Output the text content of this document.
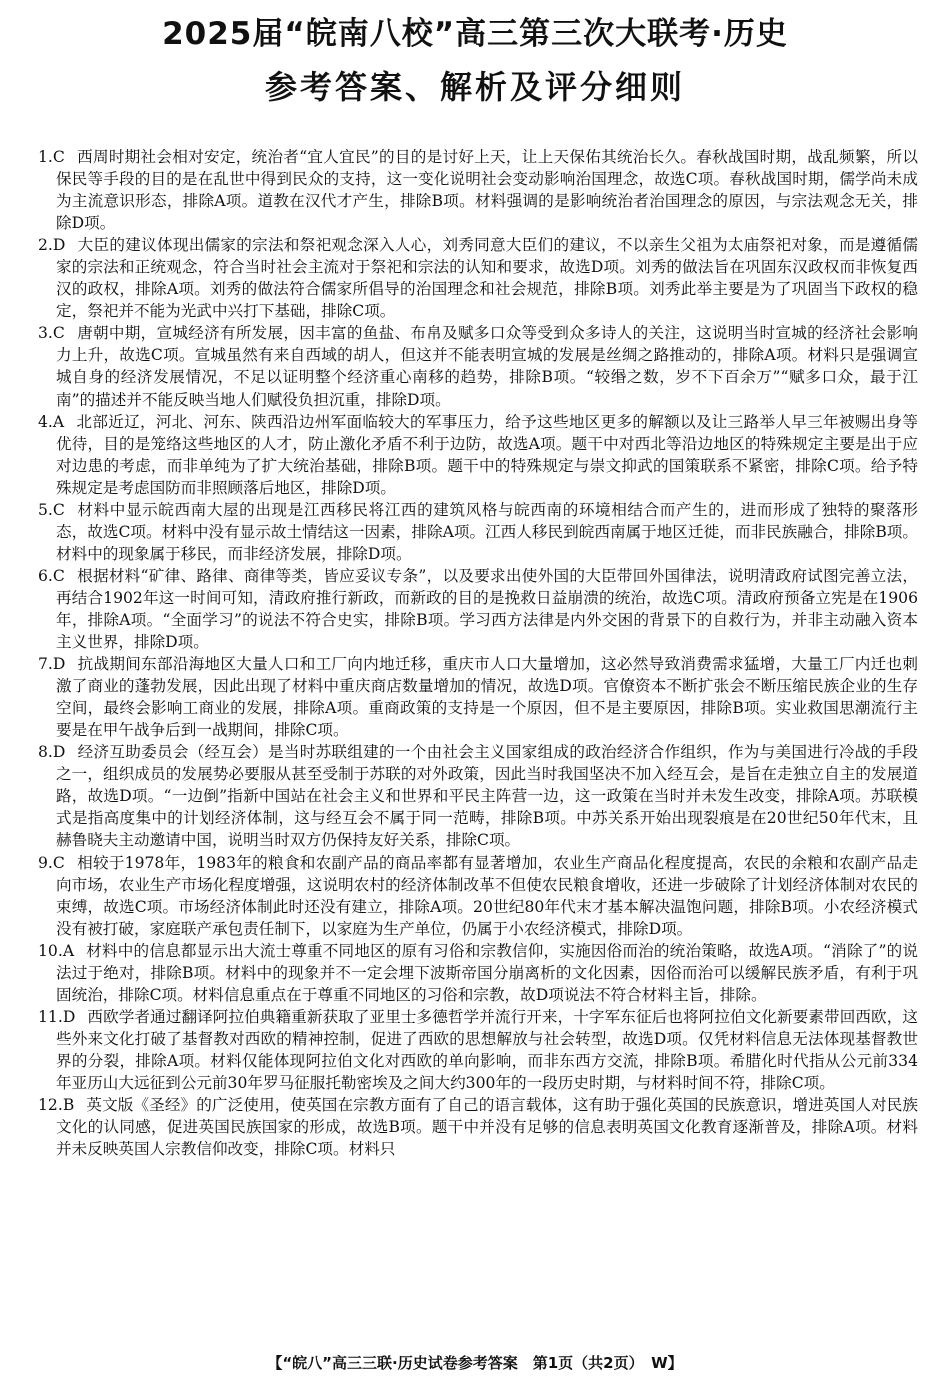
2025届“皖南八校”高三第三次大联考·历史
参考答案、解析及评分细则

1.C 西周时期社会相对安定，统治者“宜人宜民”的目的是讨好上天，让上天保佑其统治长久。春秋战国时期，战乱频繁，所以保民等手段的目的是在乱世中得到民众的支持，这一变化说明社会变动影响治国理念，故选C项。春秋战国时期，儒学尚未成为主流意识形态，排除A项。道教在汉代才产生，排除B项。材料强调的是影响统治者治国理念的原因，与宗法观念无关，排除D项。

2.D 大臣的建议体现出儒家的宗法和祭祀观念深入人心，刘秀同意大臣们的建议，不以亲生父祖为太庙祭祀对象，而是遵循儒家的宗法和正统观念，符合当时社会主流对于祭祀和宗法的认知和要求，故选D项。刘秀的做法旨在巩固东汉政权而非恢复西汉的政权，排除A项。刘秀的做法符合儒家所倡导的治国理念和社会规范，排除B项。刘秀此举主要是为了巩固当下政权的稳定，祭祀并不能为光武中兴打下基础，排除C项。

3.C 唐朝中期，宣城经济有所发展，因丰富的鱼盐、布帛及赋多口众等受到众多诗人的关注，这说明当时宣城的经济社会影响力上升，故选C项。宣城虽然有来自西域的胡人，但这并不能表明宣城的发展是丝绸之路推动的，排除A项。材料只是强调宣城自身的经济发展情况，不足以证明整个经济重心南移的趋势，排除B项。“较缗之数，岁不下百余万”“赋多口众，最于江南”的描述并不能反映当地人们赋役负担沉重，排除D项。

4.A 北部近辽，河北、河东、陕西沿边州军面临较大的军事压力，给予这些地区更多的解额以及让三路举人早三年被赐出身等优待，目的是笼络这些地区的人才，防止激化矛盾不利于边防，故选A项。题干中对西北等沿边地区的特殊规定主要是出于应对边患的考虑，而非单纯为了扩大统治基础，排除B项。题干中的特殊规定与崇文抑武的国策联系不紧密，排除C项。给予特殊规定是考虑国防而非照顾落后地区，排除D项。

5.C 材料中显示皖西南大屋的出现是江西移民将江西的建筑风格与皖西南的环境相结合而产生的，进而形成了独特的聚落形态，故选C项。材料中没有显示故土情结这一因素，排除A项。江西人移民到皖西南属于地区迁徙，而非民族融合，排除B项。材料中的现象属于移民，而非经济发展，排除D项。

6.C 根据材料“矿律、路律、商律等类，皆应妥议专条”，以及要求出使外国的大臣带回外国律法，说明清政府试图完善立法，再结合1902年这一时间可知，清政府推行新政，而新政的目的是挽救日益崩溃的统治，故选C项。清政府预备立宪是在1906年，排除A项。“全面学习”的说法不符合史实，排除B项。学习西方法律是内外交困的背景下的自救行为，并非主动融入资本主义世界，排除D项。

7.D 抗战期间东部沿海地区大量人口和工厂向内地迁移，重庆市人口大量增加，这必然导致消费需求猛增，大量工厂内迁也刺激了商业的蓬勃发展，因此出现了材料中重庆商店数量增加的情况，故选D项。官僚资本不断扩张会不断压缩民族企业的生存空间，最终会影响工商业的发展，排除A项。重商政策的支持是一个原因，但不是主要原因，排除B项。实业救国思潮流行主要是在甲午战争后到一战期间，排除C项。

8.D 经济互助委员会（经互会）是当时苏联组建的一个由社会主义国家组成的政治经济合作组织，作为与美国进行冷战的手段之一，组织成员的发展势必要服从甚至受制于苏联的对外政策，因此当时我国坚决不加入经互会，是旨在走独立自主的发展道路，故选D项。“一边倒”指新中国站在社会主义和世界和平民主阵营一边，这一政策在当时并未发生改变，排除A项。苏联模式是指高度集中的计划经济体制，这与经互会不属于同一范畴，排除B项。中苏关系开始出现裂痕是在20世纪50年代末，且赫鲁晓夫主动邀请中国，说明当时双方仍保持友好关系，排除C项。

9.C 相较于1978年，1983年的粮食和农副产品的商品率都有显著增加，农业生产商品化程度提高，农民的余粮和农副产品走向市场，农业生产市场化程度增强，这说明农村的经济体制改革不但使农民粮食增收，还进一步破除了计划经济体制对农民的束缚，故选C项。市场经济体制此时还没有建立，排除A项。20世纪80年代末才基本解决温饱问题，排除B项。小农经济模式没有被打破，家庭联产承包责任制下，以家庭为生产单位，仍属于小农经济模式，排除D项。

10.A 材料中的信息都显示出大流士尊重不同地区的原有习俗和宗教信仰，实施因俗而治的统治策略，故选A项。“消除了”的说法过于绝对，排除B项。材料中的现象并不一定会埋下波斯帝国分崩离析的文化因素，因俗而治可以缓解民族矛盾，有利于巩固统治，排除C项。材料信息重点在于尊重不同地区的习俗和宗教，故D项说法不符合材料主旨，排除。

11.D 西欧学者通过翻译阿拉伯典籍重新获取了亚里士多德哲学并流行开来，十字军东征后也将阿拉伯文化新要素带回西欧，这些外来文化打破了基督教对西欧的精神控制，促进了西欧的思想解放与社会转型，故选D项。仅凭材料信息无法体现基督教世界的分裂，排除A项。材料仅能体现阿拉伯文化对西欧的单向影响，而非东西方交流，排除B项。希腊化时代指从公元前334年亚历山大远征到公元前30年罗马征服托勒密埃及之间大约300年的一段历史时期，与材料时间不符，排除C项。

12.B 英文版《圣经》的广泛使用，使英国在宗教方面有了自己的语言载体，这有助于强化英国的民族意识，增进英国人对民族文化的认同感，促进英国民族国家的形成，故选B项。题干中并没有足够的信息表明英国文化教育逐渐普及，排除A项。材料并未反映英国人宗教信仰改变，排除C项。材料只

【“皖八”高三三联·历史试卷参考答案　第1页（共2页）　W】
